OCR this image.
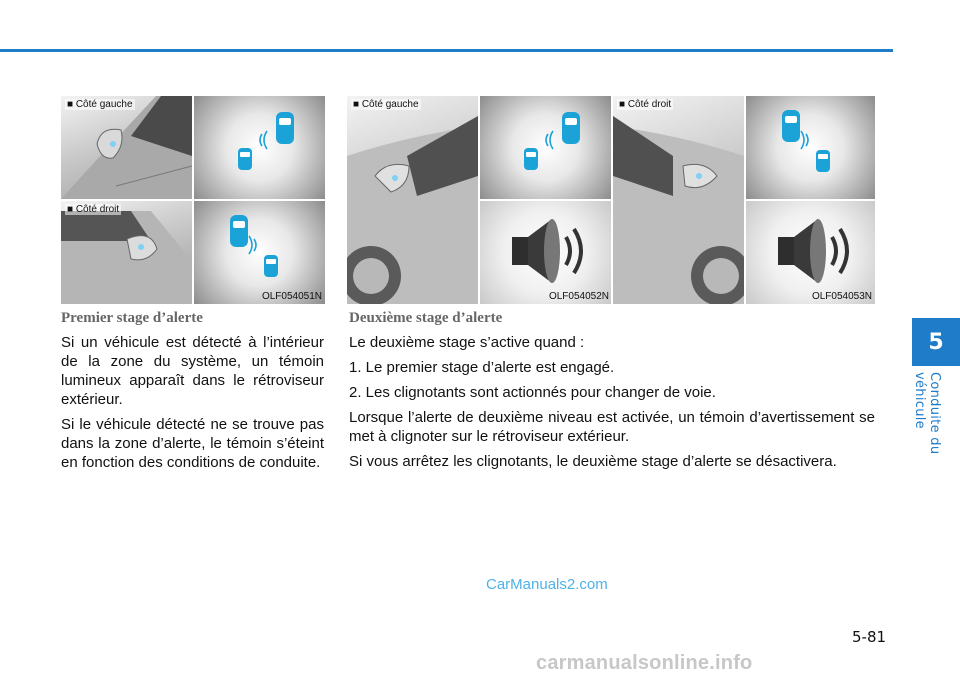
5
Conduite du véhicule
■ Côté gauche
■ Côté droit
OLF054051N
■ Côté gauche	■ Côté droit
OLF054052N	OLF054053N
Premier stage d’alerte

Si un véhicule est détecté à l’intérieur de la zone du système, un témoin lumineux apparaît dans le rétroviseur extérieur.

Si le véhicule détecté ne se trouve pas dans la zone d’alerte, le témoin s’éteint en fonction des conditions de conduite.

Deuxième stage d’alerte

Le deuxième stage s’active quand :

1. Le premier stage d’alerte est engagé.

2. Les clignotants sont actionnés pour changer de voie.

Lorsque l’alerte de deuxième niveau est activée, un témoin d’avertissement se met à clignoter sur le rétroviseur extérieur.

Si vous arrêtez les clignotants, le deuxième stage d’alerte se désactivera.

CarManuals2.com
5-81
carmanualsonline.info
